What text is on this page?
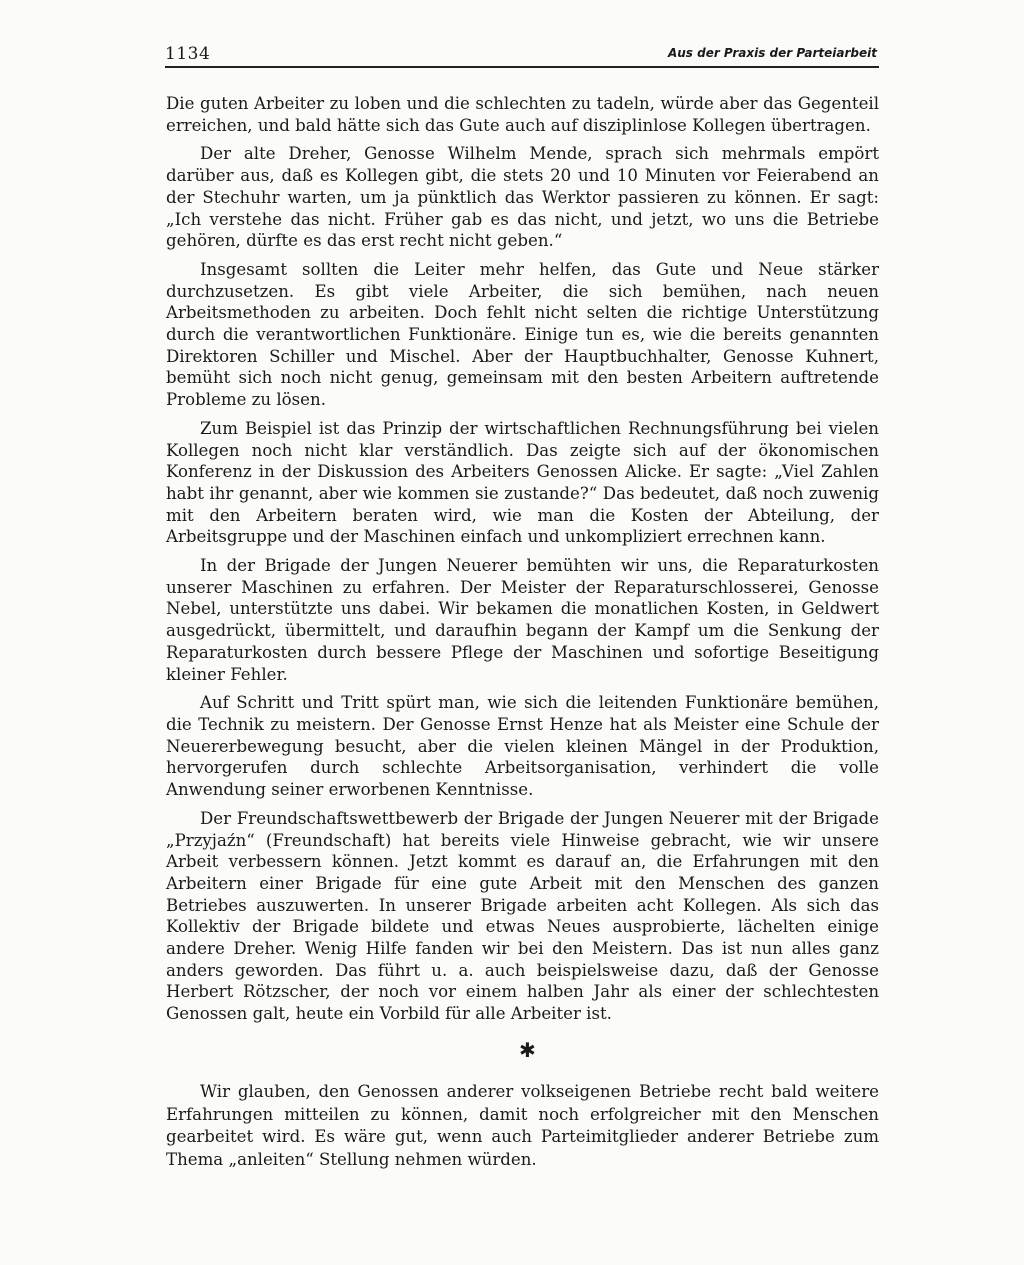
1134	Aus der Praxis der Parteiarbeit

Die guten Arbeiter zu loben und die schlechten zu tadeln, würde aber das Gegenteil erreichen, und bald hätte sich das Gute auch auf disziplinlose Kollegen übertragen.

Der alte Dreher, Genosse Wilhelm Mende, sprach sich mehrmals empört darüber aus, daß es Kollegen gibt, die stets 20 und 10 Minuten vor Feierabend an der Stechuhr warten, um ja pünktlich das Werktor passieren zu können. Er sagt: „Ich verstehe das nicht. Früher gab es das nicht, und jetzt, wo uns die Betriebe gehören, dürfte es das erst recht nicht geben.“

Insgesamt sollten die Leiter mehr helfen, das Gute und Neue stärker durchzusetzen. Es gibt viele Arbeiter, die sich bemühen, nach neuen Arbeitsmethoden zu arbeiten. Doch fehlt nicht selten die richtige Unterstützung durch die verantwortlichen Funktionäre. Einige tun es, wie die bereits genannten Direktoren Schiller und Mischel. Aber der Hauptbuchhalter, Genosse Kuhnert, bemüht sich noch nicht genug, gemeinsam mit den besten Arbeitern auftretende Probleme zu lösen.

Zum Beispiel ist das Prinzip der wirtschaftlichen Rechnungsführung bei vielen Kollegen noch nicht klar verständlich. Das zeigte sich auf der ökonomischen Konferenz in der Diskussion des Arbeiters Genossen Alicke. Er sagte: „Viel Zahlen habt ihr genannt, aber wie kommen sie zustande?“ Das bedeutet, daß noch zuwenig mit den Arbeitern beraten wird, wie man die Kosten der Abteilung, der Arbeitsgruppe und der Maschinen einfach und unkompliziert errechnen kann.

In der Brigade der Jungen Neuerer bemühten wir uns, die Reparaturkosten unserer Maschinen zu erfahren. Der Meister der Reparaturschlosserei, Genosse Nebel, unterstützte uns dabei. Wir bekamen die monatlichen Kosten, in Geldwert ausgedrückt, übermittelt, und daraufhin begann der Kampf um die Senkung der Reparaturkosten durch bessere Pflege der Maschinen und sofortige Beseitigung kleiner Fehler.

Auf Schritt und Tritt spürt man, wie sich die leitenden Funktionäre bemühen, die Technik zu meistern. Der Genosse Ernst Henze hat als Meister eine Schule der Neuererbewegung besucht, aber die vielen kleinen Mängel in der Produktion, hervorgerufen durch schlechte Arbeitsorganisation, verhindert die volle Anwendung seiner erworbenen Kenntnisse.

Der Freundschaftswettbewerb der Brigade der Jungen Neuerer mit der Brigade „Przyjaźn“ (Freundschaft) hat bereits viele Hinweise gebracht, wie wir unsere Arbeit verbessern können. Jetzt kommt es darauf an, die Erfahrungen mit den Arbeitern einer Brigade für eine gute Arbeit mit den Menschen des ganzen Betriebes auszuwerten. In unserer Brigade arbeiten acht Kollegen. Als sich das Kollektiv der Brigade bildete und etwas Neues ausprobierte, lächelten einige andere Dreher. Wenig Hilfe fanden wir bei den Meistern. Das ist nun alles ganz anders geworden. Das führt u. a. auch beispielsweise dazu, daß der Genosse Herbert Rötzscher, der noch vor einem halben Jahr als einer der schlechtesten Genossen galt, heute ein Vorbild für alle Arbeiter ist.

✱

Wir glauben, den Genossen anderer volkseigenen Betriebe recht bald weitere Erfahrungen mitteilen zu können, damit noch erfolgreicher mit den Menschen gearbeitet wird. Es wäre gut, wenn auch Parteimitglieder anderer Betriebe zum Thema „anleiten“ Stellung nehmen würden.
